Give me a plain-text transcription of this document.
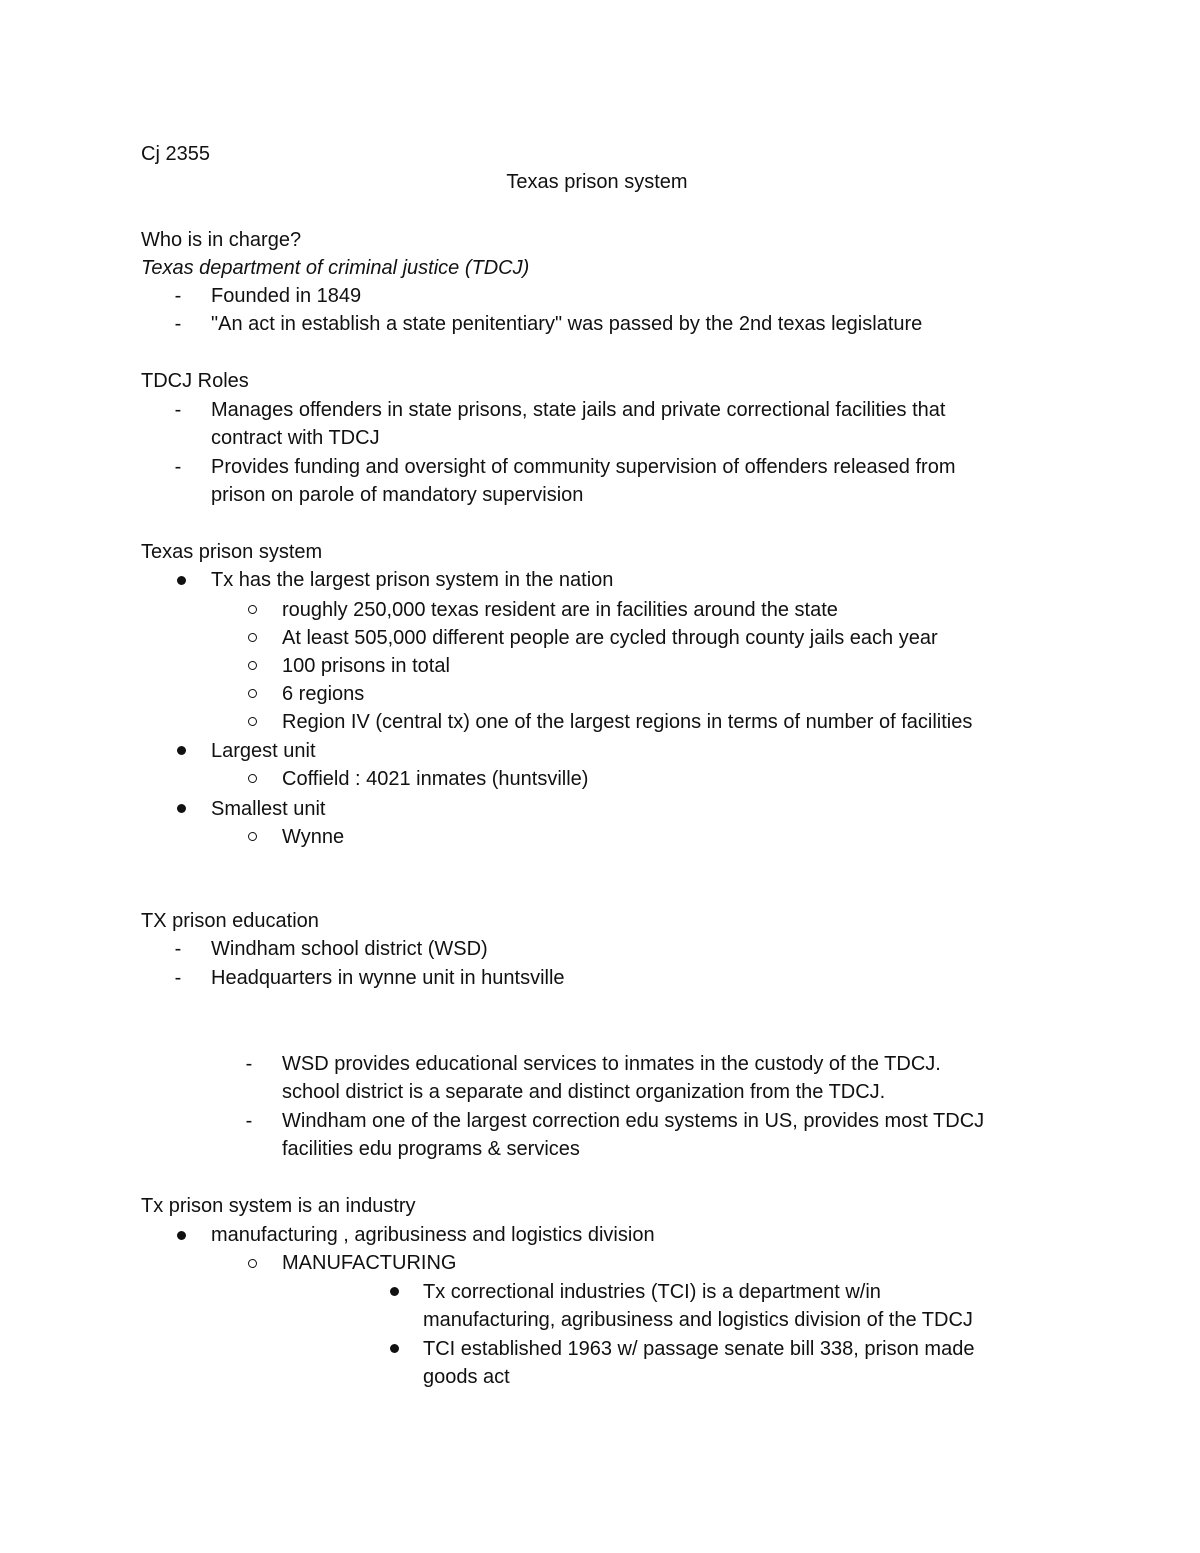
Cj 2355
Texas prison system
Who is in charge?
Texas department of criminal justice (TDCJ)
-	Founded in 1849
-	"An act in establish a state penitentiary" was passed by the 2nd texas legislature
TDCJ Roles
-	Manages offenders in state prisons, state jails and private correctional facilities that
contract with TDCJ
-	Provides funding and oversight of community supervision of offenders released from
prison on parole of mandatory supervision
Texas prison system
Tx has the largest prison system in the nation
roughly 250,000 texas resident are in facilities around the state
At least 505,000 different people are cycled through county jails each year
100 prisons in total
6 regions
Region IV (central tx) one of the largest regions in terms of number of facilities
Largest unit
Coffield : 4021 inmates (huntsville)
Smallest unit
Wynne
TX prison education
-	Windham school district (WSD)
-	Headquarters in wynne unit in huntsville
-	WSD provides educational services to inmates in the custody of the TDCJ.
school district is a separate and distinct organization from the TDCJ.
-	Windham one of the largest correction edu systems in US, provides most TDCJ
facilities edu programs & services
Tx prison system is an industry
manufacturing , agribusiness and logistics division
MANUFACTURING
Tx correctional industries (TCI) is a department w/in
manufacturing, agribusiness and logistics division of the TDCJ
TCI established 1963 w/ passage senate bill 338, prison made
goods act
